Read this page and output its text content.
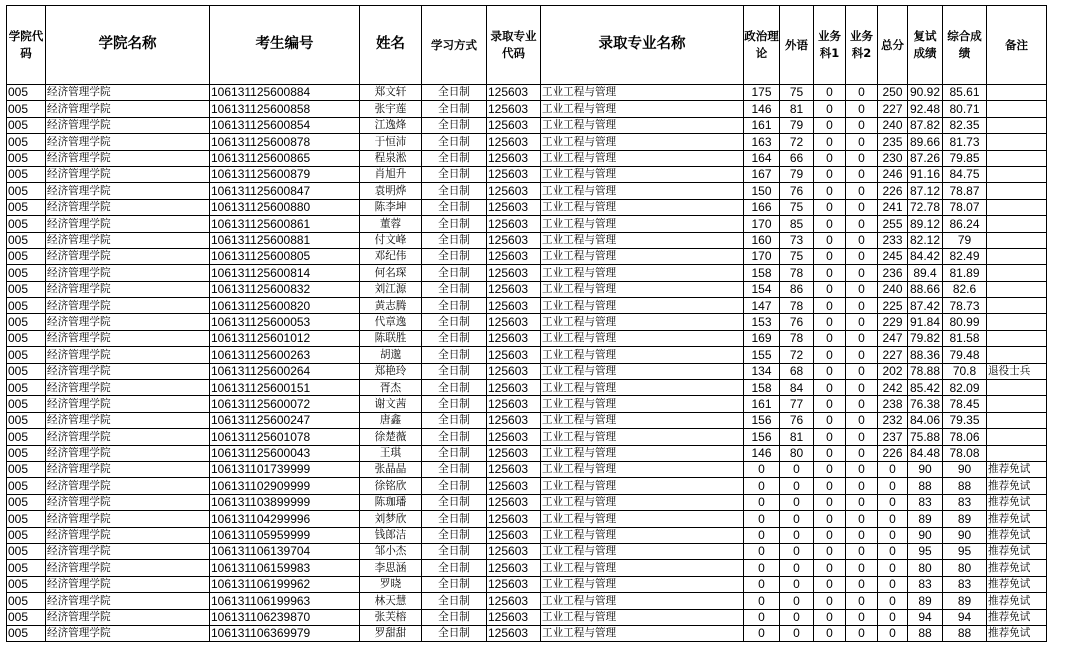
学院代码	学院名称	考生编号	姓名	学习方式	录取专业代码	录取专业名称	政治理论	外语	业务科1	业务科2	总分	复试成绩	综合成绩	备注
005	经济管理学院	106131125600884	郑文轩	全日制	125603	工业工程与管理	175	75	0	0	250	90.92	85.61	
005	经济管理学院	106131125600858	张宇莲	全日制	125603	工业工程与管理	146	81	0	0	227	92.48	80.71	
005	经济管理学院	106131125600854	江逸烽	全日制	125603	工业工程与管理	161	79	0	0	240	87.82	82.35	
005	经济管理学院	106131125600878	于恒沛	全日制	125603	工业工程与管理	163	72	0	0	235	89.66	81.73	
005	经济管理学院	106131125600865	程泉淞	全日制	125603	工业工程与管理	164	66	0	0	230	87.26	79.85	
005	经济管理学院	106131125600879	肖旭升	全日制	125603	工业工程与管理	167	79	0	0	246	91.16	84.75	
005	经济管理学院	106131125600847	袁明烨	全日制	125603	工业工程与管理	150	76	0	0	226	87.12	78.87	
005	经济管理学院	106131125600880	陈李坤	全日制	125603	工业工程与管理	166	75	0	0	241	72.78	78.07	
005	经济管理学院	106131125600861	董蓉	全日制	125603	工业工程与管理	170	85	0	0	255	89.12	86.24	
005	经济管理学院	106131125600881	付文峰	全日制	125603	工业工程与管理	160	73	0	0	233	82.12	79	
005	经济管理学院	106131125600805	邓纪伟	全日制	125603	工业工程与管理	170	75	0	0	245	84.42	82.49	
005	经济管理学院	106131125600814	何名琛	全日制	125603	工业工程与管理	158	78	0	0	236	89.4	81.89	
005	经济管理学院	106131125600832	刘江源	全日制	125603	工业工程与管理	154	86	0	0	240	88.66	82.6	
005	经济管理学院	106131125600820	黄志腾	全日制	125603	工业工程与管理	147	78	0	0	225	87.42	78.73	
005	经济管理学院	106131125600053	代章逸	全日制	125603	工业工程与管理	153	76	0	0	229	91.84	80.99	
005	经济管理学院	106131125601012	陈联胜	全日制	125603	工业工程与管理	169	78	0	0	247	79.82	81.58	
005	经济管理学院	106131125600263	胡邈	全日制	125603	工业工程与管理	155	72	0	0	227	88.36	79.48	
005	经济管理学院	106131125600264	郑艳玲	全日制	125603	工业工程与管理	134	68	0	0	202	78.88	70.8	退役士兵
005	经济管理学院	106131125600151	胥杰	全日制	125603	工业工程与管理	158	84	0	0	242	85.42	82.09	
005	经济管理学院	106131125600072	谢文茜	全日制	125603	工业工程与管理	161	77	0	0	238	76.38	78.45	
005	经济管理学院	106131125600247	唐鑫	全日制	125603	工业工程与管理	156	76	0	0	232	84.06	79.35	
005	经济管理学院	106131125601078	徐楚薇	全日制	125603	工业工程与管理	156	81	0	0	237	75.88	78.06	
005	经济管理学院	106131125600043	王琪	全日制	125603	工业工程与管理	146	80	0	0	226	84.48	78.08	
005	经济管理学院	106131101739999	张晶晶	全日制	125603	工业工程与管理	0	0	0	0	0	90	90	推荐免试
005	经济管理学院	106131102909999	徐铭欣	全日制	125603	工业工程与管理	0	0	0	0	0	88	88	推荐免试
005	经济管理学院	106131103899999	陈珈璠	全日制	125603	工业工程与管理	0	0	0	0	0	83	83	推荐免试
005	经济管理学院	106131104299996	刘梦欣	全日制	125603	工业工程与管理	0	0	0	0	0	89	89	推荐免试
005	经济管理学院	106131105959999	钱郎洁	全日制	125603	工业工程与管理	0	0	0	0	0	90	90	推荐免试
005	经济管理学院	106131106139704	邹小杰	全日制	125603	工业工程与管理	0	0	0	0	0	95	95	推荐免试
005	经济管理学院	106131106159983	李思涵	全日制	125603	工业工程与管理	0	0	0	0	0	80	80	推荐免试
005	经济管理学院	106131106199962	罗晓	全日制	125603	工业工程与管理	0	0	0	0	0	83	83	推荐免试
005	经济管理学院	106131106199963	林天慧	全日制	125603	工业工程与管理	0	0	0	0	0	89	89	推荐免试
005	经济管理学院	106131106239870	张芙榕	全日制	125603	工业工程与管理	0	0	0	0	0	94	94	推荐免试
005	经济管理学院	106131106369979	罗甜甜	全日制	125603	工业工程与管理	0	0	0	0	0	88	88	推荐免试
